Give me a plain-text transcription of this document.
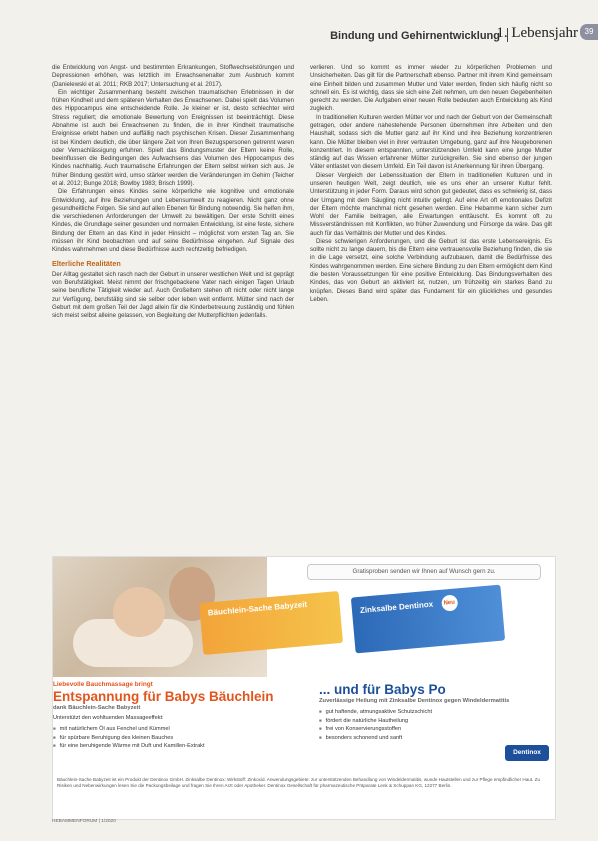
Bindung und Gehirnentwicklung
1. Lebensjahr 39

die Entwicklung von Angst- und bestimmten Erkrankungen, Stoffwechselstörungen und Depressionen erhöhen, was letztlich im Erwachsenenalter zum Ausbruch kommt (Danielewski et al. 2011; RKB 2017; Untersuchung et al. 2017).

Ein wichtiger Zusammenhang besteht zwischen traumatischen Erlebnissen in der frühen Kindheit und dem späteren Verhalten des Erwachsenen. Dabei spielt das Volumen des Hippocampus eine entscheidende Rolle. Je kleiner er ist, desto schlechter wird Stress reguliert; die emotionale Bewertung von Ereignissen ist beeinträchtigt. Diese Abnahme ist auch bei Erwachsenen zu finden, die in ihrer Kindheit traumatische Ereignisse erlebt haben und auffällig nach psychischen Krisen. Dieser Zusammenhang ist bei Kindern deutlich, die über längere Zeit von Ihren Bezugspersonen getrennt waren oder Vernachlässigung erfuhren. Spielt das Bindungsmuster der Eltern keine Rolle, beeinflussen die Bedingungen des Aufwachsens das Volumen des Hippocampus des Kindes nachhaltig. Auch traumatische Erfahrungen der Eltern selbst wirken sich aus. Je früher Bindung gestört wird, umso stärker werden die Veränderungen im Gehirn (Teicher et al. 2012; Bunge 2018; Bowlby 1983; Brisch 1999).

Die Erfahrungen eines Kindes seine körperliche wie kognitive und emotionale Entwicklung, auf ihre Beziehungen und Lebensumwelt zu reagieren. Nicht ganz ohne gesundheitliche Folgen. Sie sind auf allen Ebenen für Bindung notwendig. Sie helfen ihm, die verschiedenen Anforderungen der Umwelt zu bewältigen. Der erste Schritt eines Kindes, die Grundlage seiner gesunden und normalen Entwicklung, ist eine feste, sichere Bindung der Eltern an das Kind in jeder Hinsicht – möglichst vom ersten Tag an. Sie müssen ihr Kind beobachten und auf seine Bedürfnisse eingehen. Auf Signale des Kindes wahrnehmen und diese Bedürfnisse auch rechtzeitig befriedigen.

Elterliche Realitäten

Der Alltag gestaltet sich rasch nach der Geburt in unserer westlichen Welt und ist geprägt von Berufstätigkeit. Meist nimmt der frischgebackene Vater nach einigen Tagen Urlaub seine berufliche Tätigkeit wieder auf. Auch Großeltern stehen oft nicht oder nicht lange zur Verfügung, berufstätig sind sie selber oder leben weit entfernt. Mütter sind nach der Geburt mit dem großen Teil der Jagd allein für die Kinderbetreuung zuständig und fühlen sich meist selbst alleine gelassen, von Begleitung der Mutterpflichten jedenfalls.

verlieren. Und so kommt es immer wieder zu körperlichen Problemen und Unsicherheiten. Das gilt für die Partnerschaft ebenso. Partner mit ihrem Kind gemeinsam eine Einheit bilden und zusammen Mutter und Vater werden, finden sich häufig nicht so schnell ein. Es ist wichtig, dass sie sich eine Zeit nehmen, um den neuen Gegebenheiten gerecht zu werden. Die Aufgaben einer neuen Rolle bedeuten auch Entwicklung als Kind zugleich.

In traditionellen Kulturen werden Mütter vor und nach der Geburt von der Gemeinschaft getragen, oder andere nahestehende Personen übernehmen ihre Arbeiten und den Haushalt, sodass sich die Mutter ganz auf ihr Kind und ihre Beziehung konzentrieren kann. Die Mütter bleiben viel in ihrer vertrauten Umgebung, ganz auf ihre Neugeborenen konzentriert. In diesem entspannten, unterstützenden Umfeld kann eine junge Mutter ständig auf das Wissen erfahrener Mütter zurückgreifen. Sie sind ebenso der jungen Väter entlastet von diesem Umfeld. Ein Teil davon ist Anerkennung für ihren Übergang.

Dieser Vergleich der Lebenssituation der Eltern in traditionellen Kulturen und in unseren heutigen Welt, zeigt deutlich, wie es uns eher an unserer Kultur fehlt. Unterstützung in jeder Form. Daraus wird schon gut gedeutet, dass es schwierig ist, dass der Umgang mit dem Säugling nicht intuitiv gelingt. Auf eine Art oft emotionales Defizit der Eltern möchte manchmal nicht gesehen werden. Eine Hebamme kann sicher zum Wohl der Familie beitragen, alle Erwartungen enttäuscht. Es kommt oft zu Missverständnissen mit Konflikten, wo früher Zuwendung und Fürsorge da wäre. Das gilt auch für das Verhältnis der Mutter und des Kindes.

Diese schwierigen Anforderungen, und die Geburt ist das erste Lebensereignis. Es sollte nicht zu lange dauern, bis die Eltern eine vertrauensvolle Beziehung finden, die sie in die Lage versetzt, eine solche Verbindung aufzubauen, damit die Bedürfnisse des Kindes wahrgenommen werden. Eine sichere Bindung zu den Eltern ermöglicht dem Kind die besten Voraussetzungen für eine positive Entwicklung. Das Bindungsverhalten des Kindes, das von Geburt an aktiviert ist, nutzen, um frühzeitig ein starkes Band zu knüpfen. Dieses Band wird später das Fundament für ein glückliches und gesundes Leben.

Gratisproben senden wir Ihnen auf Wunsch gern zu.
Bäuchlein-Sache Babyzeit	Zinksalbe Dentinox Neu
Liebevolle Bauchmassage bringt
Entspannung für Babys Bäuchlein
dank Bäuchlein-Sache Babyzeit
Unterstützt den wohltuenden Massageeffekt:
■ mit natürlichem Öl aus Fenchel und Kümmel
■ für spürbare Beruhigung des kleinen Bauches
■ für eine beruhigende Wärme mit Duft und Kamillen-Extrakt
... und für Babys Po
Zuverlässige Heilung mit Zinksalbe Dentinox gegen Windeldermatitis
■ gut haftende, atmungsaktive Schutzschicht
■ fördert die natürliche Hautheilung
■ frei von Konservierungsstoffen
■ besonders schonend und sanft
Dentinox
Bäuchlein-Sache Babyzeit ist ein Produkt der Dentinox GmbH. Zinksalbe Dentinox: Wirkstoff: Zinkoxid. Anwendungsgebiete: zur unterstützenden Behandlung von Windeldermatitis, wunde Hautstellen und zur Pflege empfindlicher Haut. Zu Risiken und Nebenwirkungen lesen Sie die Packungsbeilage und fragen Sie Ihren Arzt oder Apotheker. Dentinox Gesellschaft für pharmazeutische Präparate Lenk & Schuppan KG, 12277 Berlin.
HEBAMMENFORUM | 1/2020
